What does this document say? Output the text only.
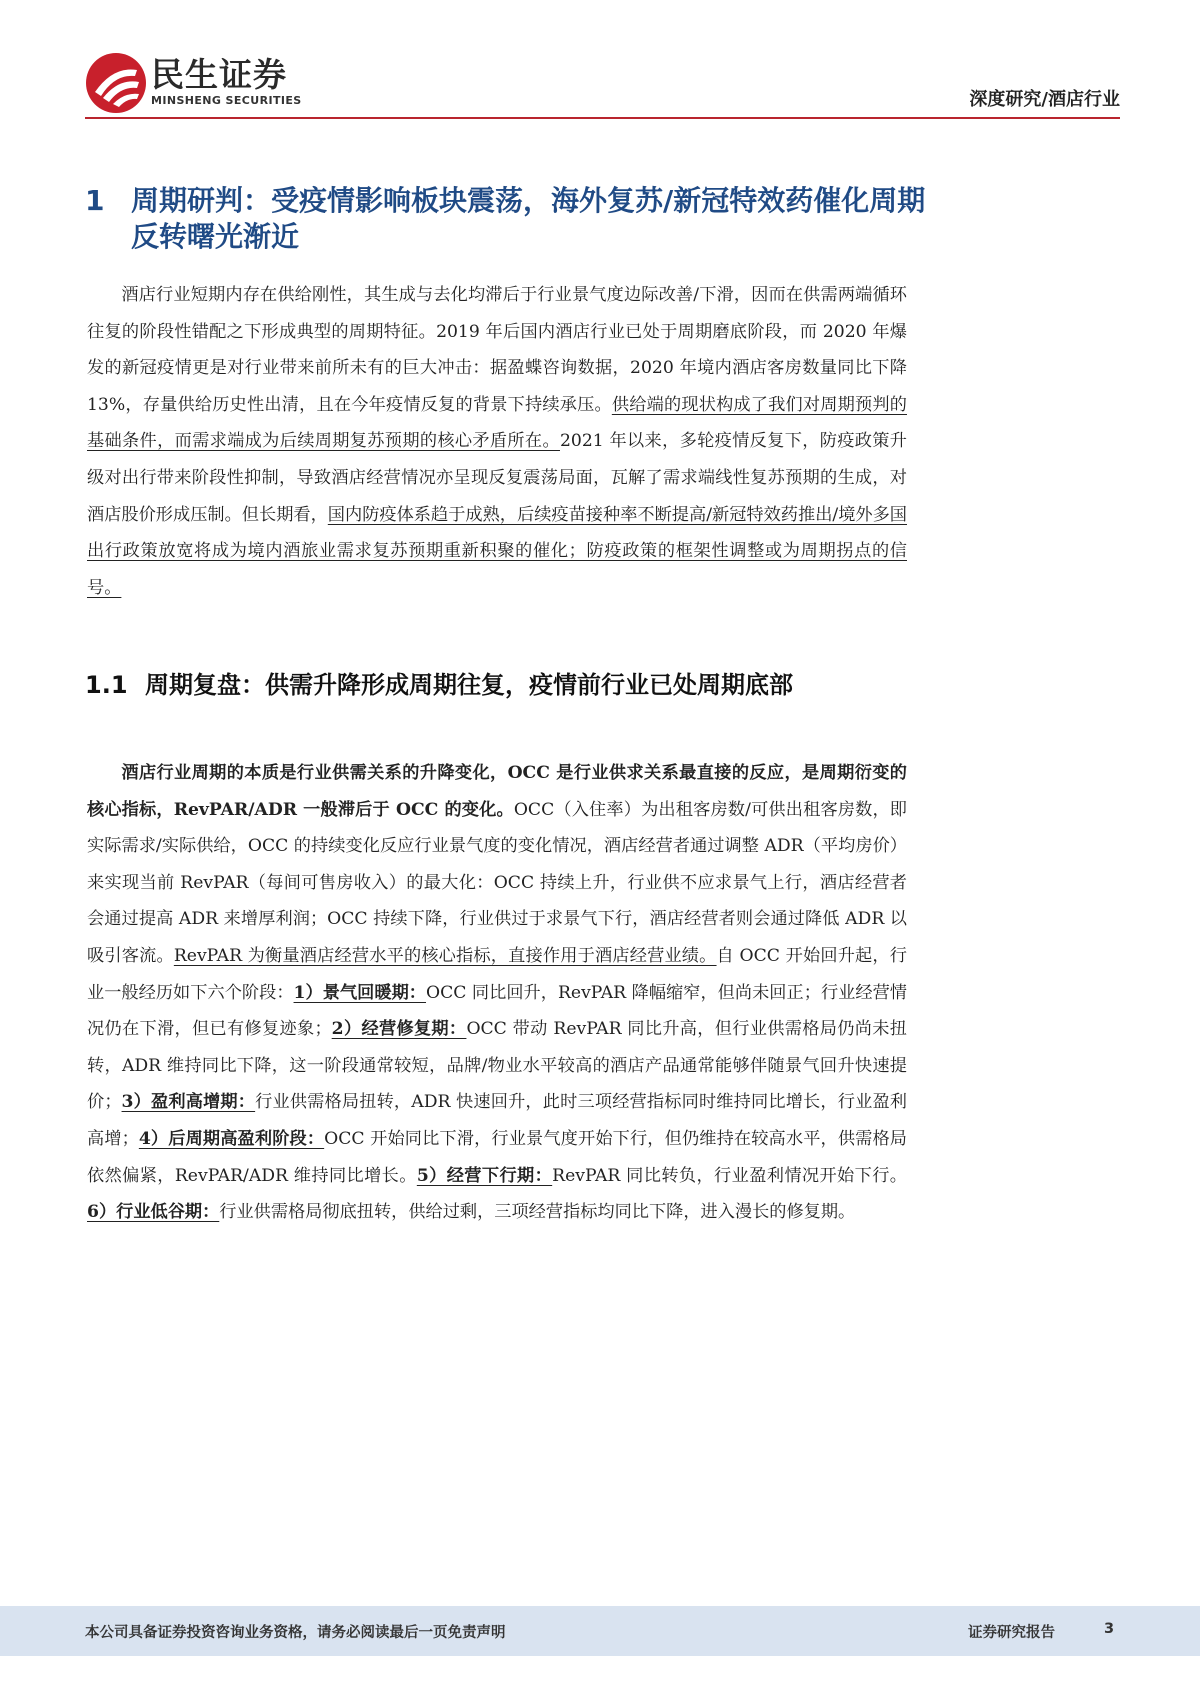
民生证券
MINSHENG SECURITIES	深度研究/酒店行业
1 周期研判：受疫情影响板块震荡，海外复苏/新冠特效药催化周期反转曙光渐近
酒店行业短期内存在供给刚性，其生成与去化均滞后于行业景气度边际改善/下滑，因而在供需两端循环往复的阶段性错配之下形成典型的周期特征。2019 年后国内酒店行业已处于周期磨底阶段，而 2020 年爆发的新冠疫情更是对行业带来前所未有的巨大冲击：据盈蝶咨询数据，2020 年境内酒店客房数量同比下降 13%，存量供给历史性出清，且在今年疫情反复的背景下持续承压。供给端的现状构成了我们对周期预判的基础条件，而需求端成为后续周期复苏预期的核心矛盾所在。2021 年以来，多轮疫情反复下，防疫政策升级对出行带来阶段性抑制，导致酒店经营情况亦呈现反复震荡局面，瓦解了需求端线性复苏预期的生成，对酒店股价形成压制。但长期看，国内防疫体系趋于成熟，后续疫苗接种率不断提高/新冠特效药推出/境外多国出行政策放宽将成为境内酒旅业需求复苏预期重新积聚的催化；防疫政策的框架性调整或为周期拐点的信号。
1.1 周期复盘：供需升降形成周期往复，疫情前行业已处周期底部
酒店行业周期的本质是行业供需关系的升降变化，OCC 是行业供求关系最直接的反应，是周期衍变的核心指标，RevPAR/ADR 一般滞后于 OCC 的变化。OCC（入住率）为出租客房数/可供出租客房数，即实际需求/实际供给，OCC 的持续变化反应行业景气度的变化情况，酒店经营者通过调整 ADR（平均房价）来实现当前 RevPAR（每间可售房收入）的最大化：OCC 持续上升，行业供不应求景气上行，酒店经营者会通过提高 ADR 来增厚利润；OCC 持续下降，行业供过于求景气下行，酒店经营者则会通过降低 ADR 以吸引客流。RevPAR 为衡量酒店经营水平的核心指标，直接作用于酒店经营业绩。自 OCC 开始回升起，行业一般经历如下六个阶段：1）景气回暖期：OCC 同比回升，RevPAR 降幅缩窄，但尚未回正；行业经营情况仍在下滑，但已有修复迹象；2）经营修复期：OCC 带动 RevPAR 同比升高，但行业供需格局仍尚未扭转，ADR 维持同比下降，这一阶段通常较短，品牌/物业水平较高的酒店产品通常能够伴随景气回升快速提价；3）盈利高增期：行业供需格局扭转，ADR 快速回升，此时三项经营指标同时维持同比增长，行业盈利高增；4）后周期高盈利阶段：OCC 开始同比下滑，行业景气度开始下行，但仍维持在较高水平，供需格局依然偏紧，RevPAR/ADR 维持同比增长。5）经营下行期：RevPAR 同比转负，行业盈利情况开始下行。6）行业低谷期：行业供需格局彻底扭转，供给过剩，三项经营指标均同比下降，进入漫长的修复期。
本公司具备证券投资咨询业务资格，请务必阅读最后一页免责声明	证券研究报告	3
